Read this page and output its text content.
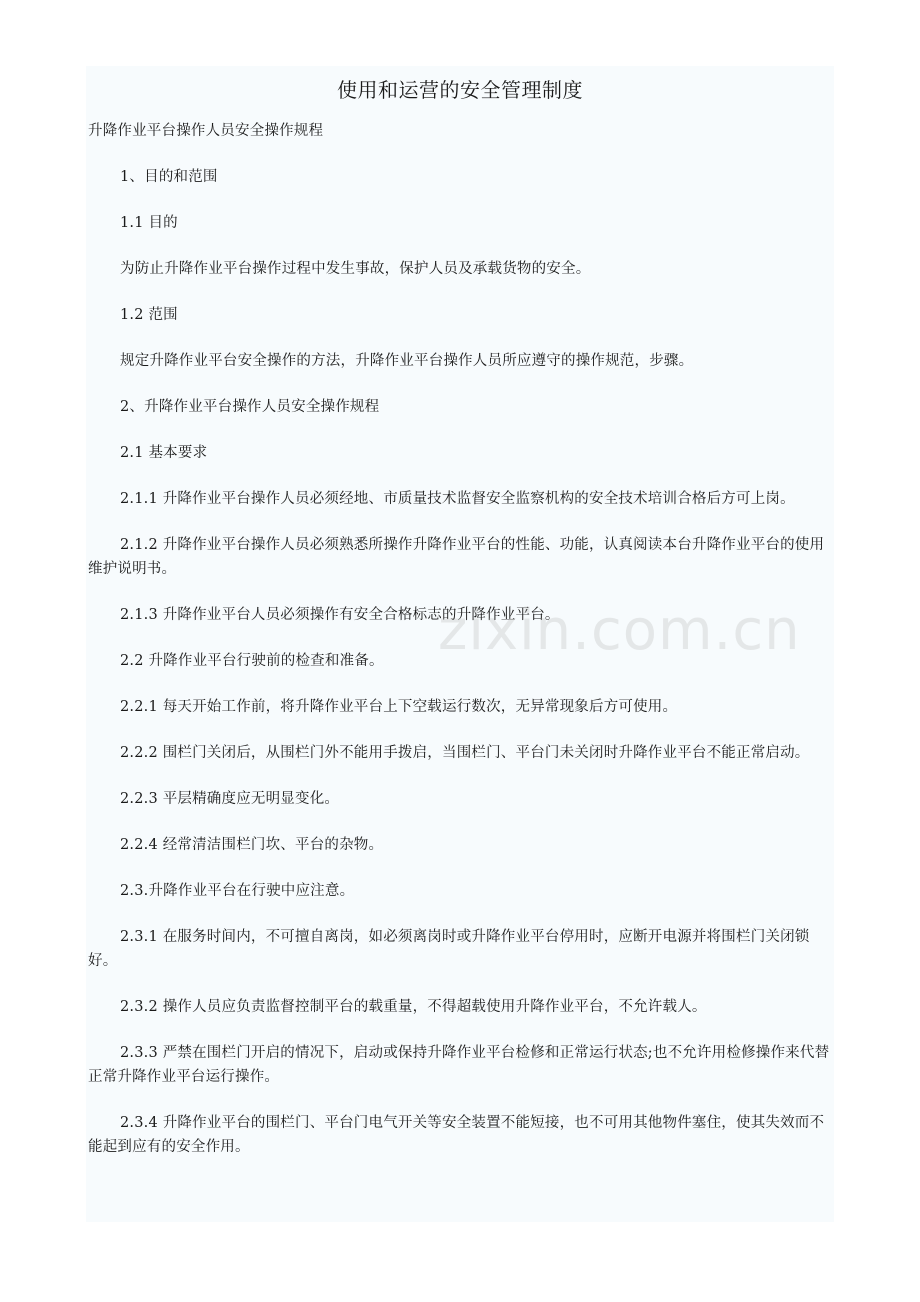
使用和运营的安全管理制度

升降作业平台操作人员安全操作规程

1、目的和范围

1.1 目的

为防止升降作业平台操作过程中发生事故，保护人员及承载货物的安全。

1.2 范围

规定升降作业平台安全操作的方法，升降作业平台操作人员所应遵守的操作规范，步骤。

2、升降作业平台操作人员安全操作规程

2.1 基本要求

2.1.1 升降作业平台操作人员必须经地、市质量技术监督安全监察机构的安全技术培训合格后方可上岗。

2.1.2 升降作业平台操作人员必须熟悉所操作升降作业平台的性能、功能，认真阅读本台升降作业平台的使用维护说明书。

2.1.3 升降作业平台人员必须操作有安全合格标志的升降作业平台。

2.2 升降作业平台行驶前的检查和准备。

2.2.1 每天开始工作前，将升降作业平台上下空载运行数次，无异常现象后方可使用。

2.2.2 围栏门关闭后，从围栏门外不能用手拨启，当围栏门、平台门未关闭时升降作业平台不能正常启动。

2.2.3 平层精确度应无明显变化。

2.2.4 经常清洁围栏门坎、平台的杂物。

2.3.升降作业平台在行驶中应注意。

2.3.1 在服务时间内，不可擅自离岗，如必须离岗时或升降作业平台停用时，应断开电源并将围栏门关闭锁好。

2.3.2 操作人员应负责监督控制平台的载重量，不得超载使用升降作业平台，不允许载人。

2.3.3 严禁在围栏门开启的情况下，启动或保持升降作业平台检修和正常运行状态;也不允许用检修操作来代替正常升降作业平台运行操作。

2.3.4 升降作业平台的围栏门、平台门电气开关等安全装置不能短接，也不可用其他物件塞住，使其失效而不能起到应有的安全作用。

zixin.com.cn
